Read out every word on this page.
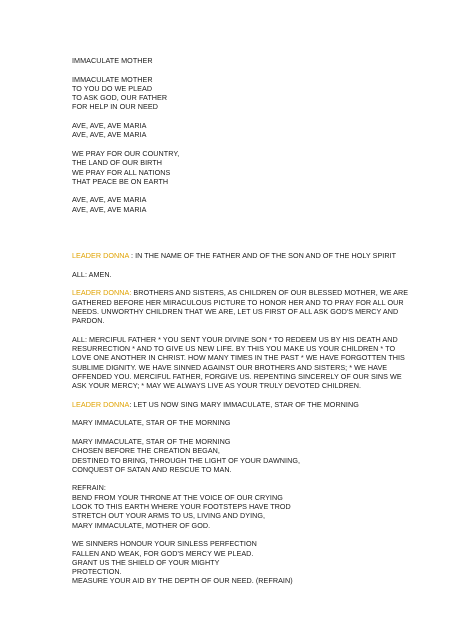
IMMACULATE MOTHER
IMMACULATE MOTHER
TO YOU DO WE PLEAD
TO ASK GOD, OUR FATHER
FOR HELP IN OUR NEED
AVE, AVE, AVE MARIA
AVE, AVE, AVE MARIA
WE PRAY FOR OUR COUNTRY,
THE LAND OF OUR BIRTH
WE PRAY FOR ALL NATIONS
THAT PEACE BE ON EARTH
AVE, AVE, AVE MARIA
AVE, AVE, AVE MARIA
LEADER DONNA : IN THE NAME OF THE FATHER AND OF THE SON AND OF THE HOLY SPIRIT
ALL: AMEN.
LEADER DONNA: BROTHERS AND SISTERS, AS CHILDREN OF OUR BLESSED MOTHER, WE ARE GATHERED BEFORE HER MIRACULOUS PICTURE TO HONOR HER AND TO PRAY FOR ALL OUR NEEDS. UNWORTHY CHILDREN THAT WE ARE, LET US FIRST OF ALL ASK GOD'S MERCY AND PARDON.
ALL: MERCIFUL FATHER * YOU SENT YOUR DIVINE SON * TO REDEEM US BY HIS DEATH AND RESURRECTION * AND TO GIVE US NEW LIFE. BY THIS YOU MAKE US YOUR CHILDREN * TO LOVE ONE ANOTHER IN CHRIST. HOW MANY TIMES IN THE PAST * WE HAVE FORGOTTEN THIS SUBLIME DIGNITY. WE HAVE SINNED AGAINST OUR BROTHERS AND SISTERS; * WE HAVE OFFENDED YOU. MERCIFUL FATHER, FORGIVE US. REPENTING SINCERELY OF OUR SINS WE ASK YOUR MERCY; * MAY WE ALWAYS LIVE AS YOUR TRULY DEVOTED CHILDREN.
LEADER DONNA: LET US NOW SING MARY IMMACULATE, STAR OF THE MORNING
MARY IMMACULATE, STAR OF THE MORNING
MARY IMMACULATE, STAR OF THE MORNING
CHOSEN BEFORE THE CREATION BEGAN,
DESTINED TO BRING, THROUGH THE LIGHT OF YOUR DAWNING,
CONQUEST OF SATAN AND RESCUE TO MAN.
REFRAIN:
BEND FROM YOUR THRONE AT THE VOICE OF OUR CRYING
LOOK TO THIS EARTH WHERE YOUR FOOTSTEPS HAVE TROD
STRETCH OUT YOUR ARMS TO US, LIVING AND DYING,
MARY IMMACULATE, MOTHER OF GOD.
WE SINNERS HONOUR YOUR SINLESS PERFECTION
FALLEN AND WEAK, FOR GOD'S MERCY WE PLEAD.
GRANT US THE SHIELD OF YOUR MIGHTY
PROTECTION.
MEASURE YOUR AID BY THE DEPTH OF OUR NEED. (REFRAIN)
